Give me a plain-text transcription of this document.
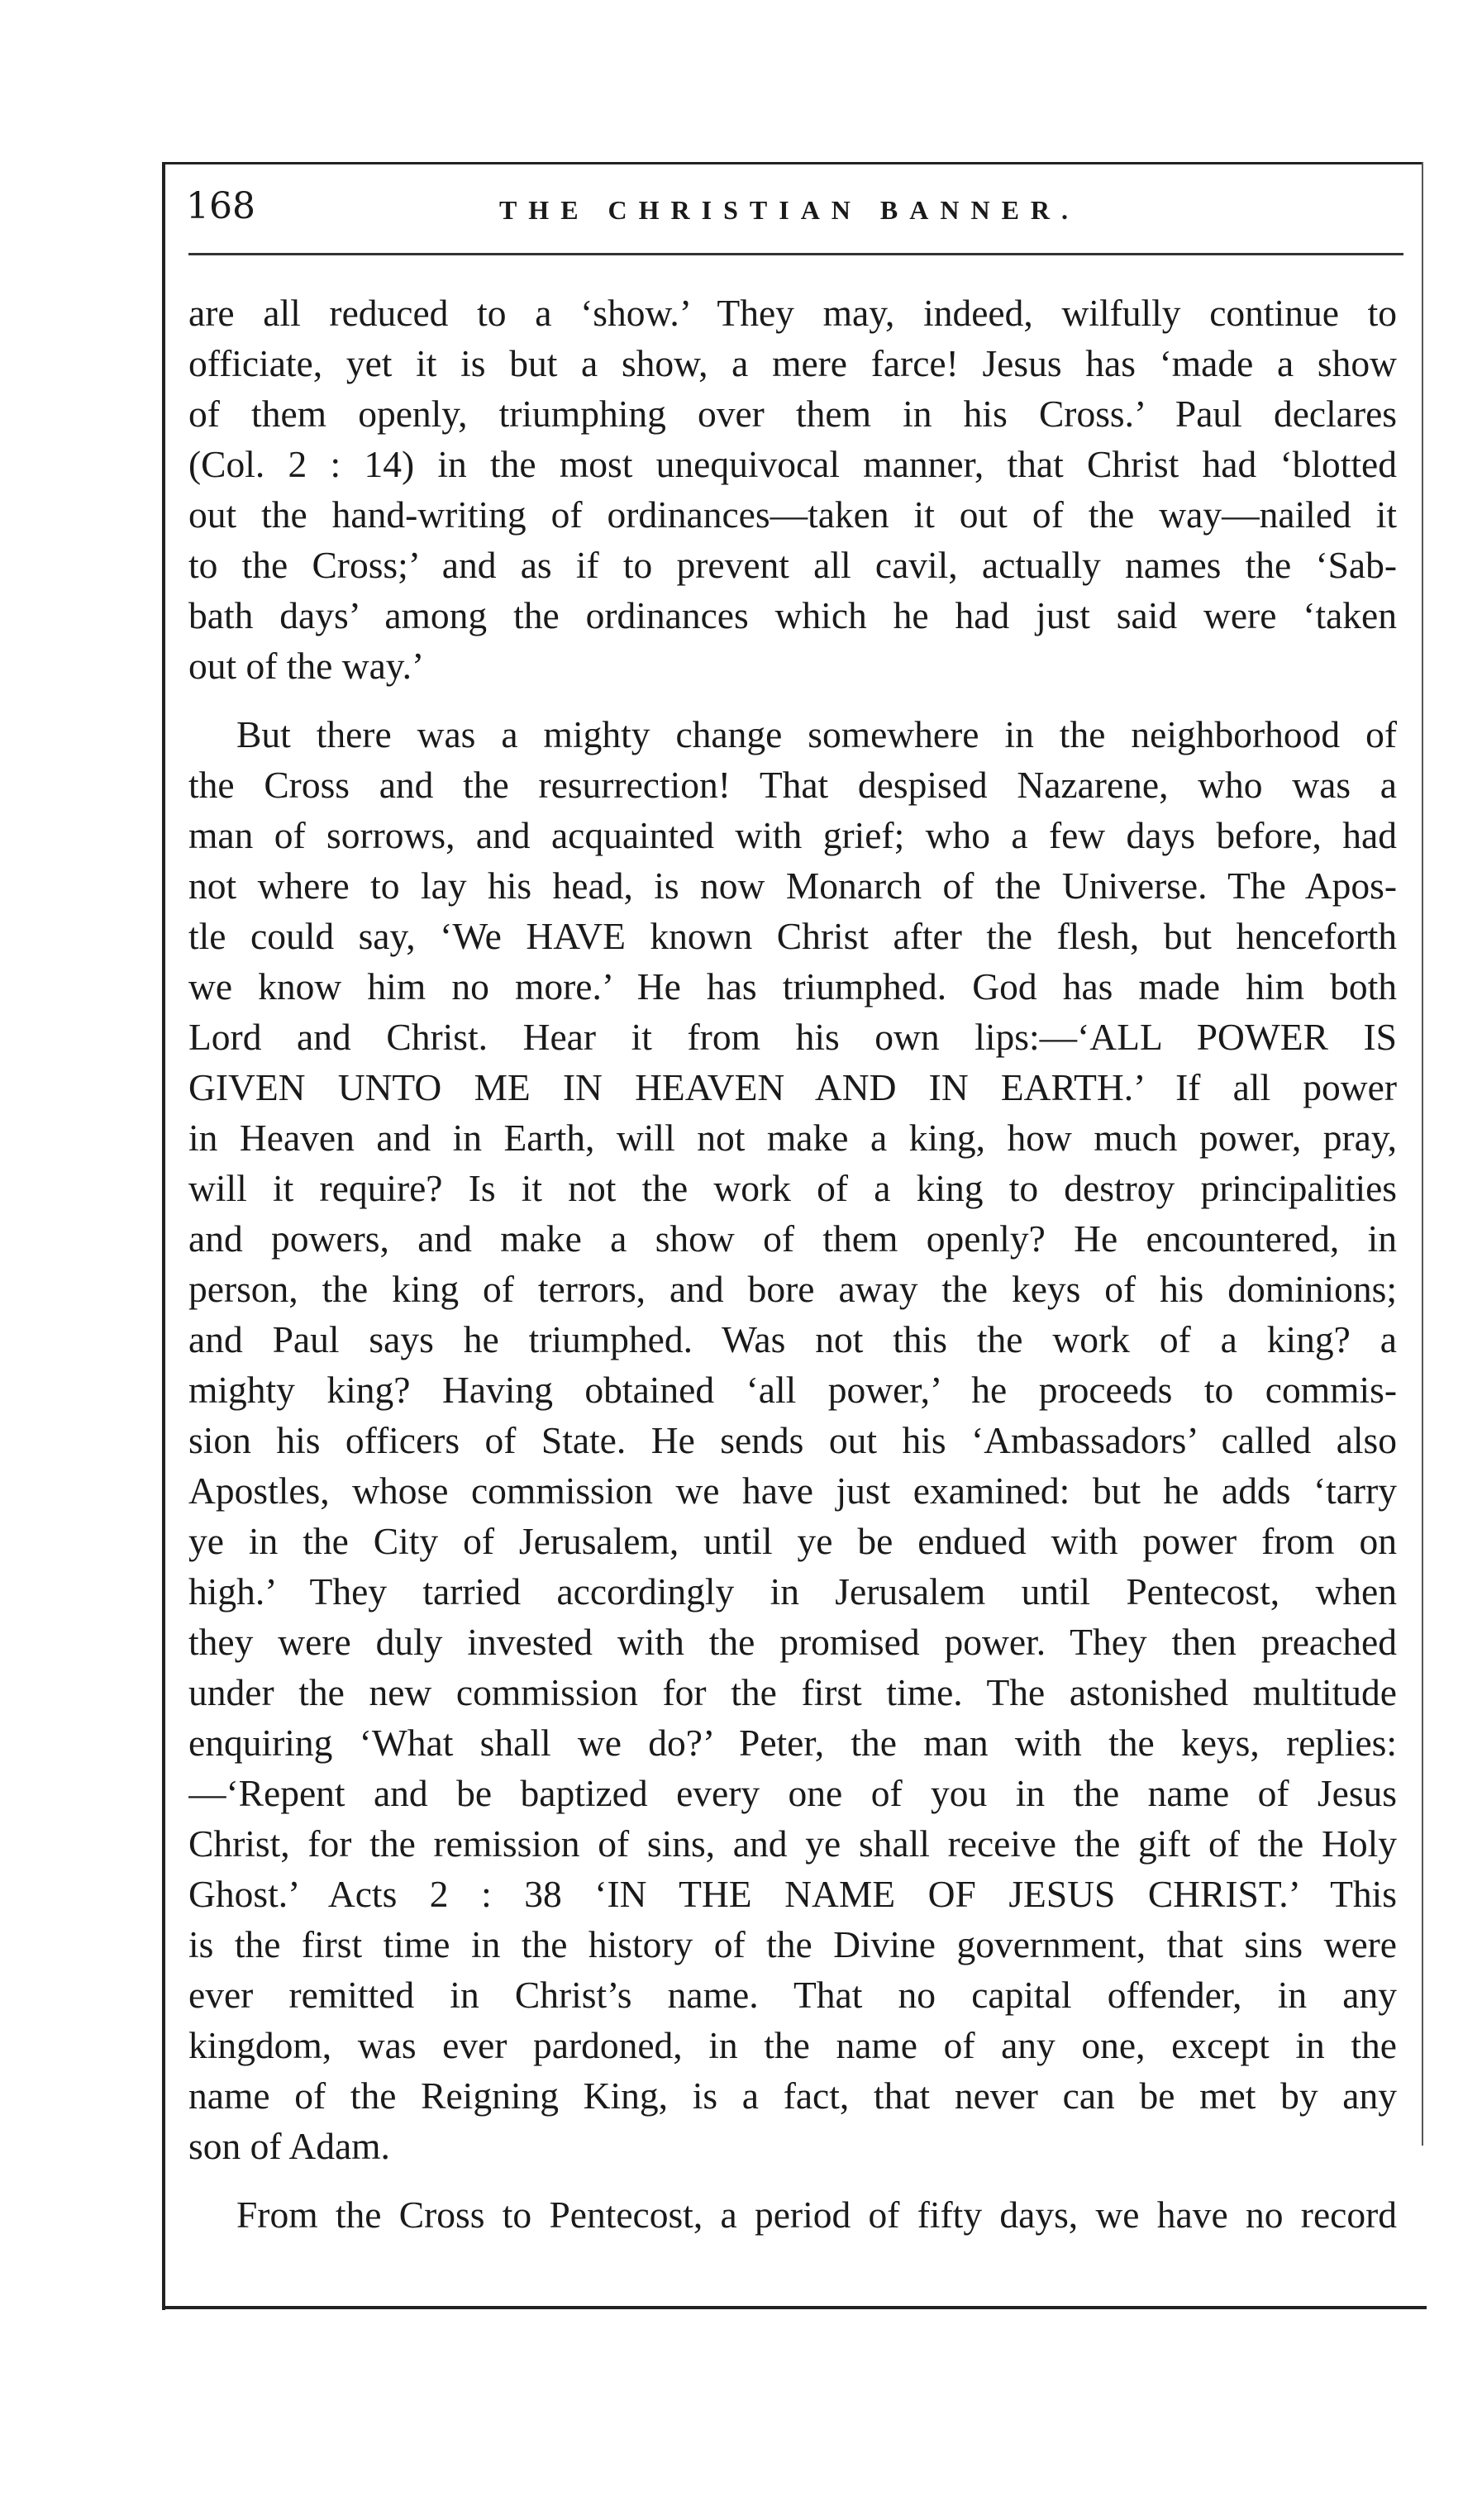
168	THE CHRISTIAN BANNER.
are all reduced to a ‘show.’ They may, indeed, wilfully continue to
officiate, yet it is but a show, a mere farce! Jesus has ‘made a show
of them openly, triumphing over them in his Cross.’ Paul declares
(Col. 2 : 14) in the most unequivocal manner, that Christ had ‘blotted
out the hand-writing of ordinances—taken it out of the way—nailed it
to the Cross;’ and as if to prevent all cavil, actually names the ‘Sab-
bath days’ among the ordinances which he had just said were ‘taken
out of the way.’
But there was a mighty change somewhere in the neighborhood of
the Cross and the resurrection! That despised Nazarene, who was a
man of sorrows, and acquainted with grief; who a few days before, had
not where to lay his head, is now Monarch of the Universe. The Apos-
tle could say, ‘We HAVE known Christ after the flesh, but henceforth
we know him no more.’ He has triumphed. God has made him both
Lord and Christ. Hear it from his own lips:—‘ALL POWER IS
GIVEN UNTO ME IN HEAVEN AND IN EARTH.’ If all power
in Heaven and in Earth, will not make a king, how much power, pray,
will it require? Is it not the work of a king to destroy principalities
and powers, and make a show of them openly? He encountered, in
person, the king of terrors, and bore away the keys of his dominions;
and Paul says he triumphed. Was not this the work of a king? a
mighty king? Having obtained ‘all power,’ he proceeds to commis-
sion his officers of State. He sends out his ‘Ambassadors’ called also
Apostles, whose commission we have just examined: but he adds ‘tarry
ye in the City of Jerusalem, until ye be endued with power from on
high.’ They tarried accordingly in Jerusalem until Pentecost, when
they were duly invested with the promised power. They then preached
under the new commission for the first time. The astonished multitude
enquiring ‘What shall we do?’ Peter, the man with the keys, replies:
—‘Repent and be baptized every one of you in the name of Jesus
Christ, for the remission of sins, and ye shall receive the gift of the Holy
Ghost.’ Acts 2 : 38 ‘IN THE NAME OF JESUS CHRIST.’ This
is the first time in the history of the Divine government, that sins were
ever remitted in Christ’s name. That no capital offender, in any
kingdom, was ever pardoned, in the name of any one, except in the
name of the Reigning King, is a fact, that never can be met by any
son of Adam.
From the Cross to Pentecost, a period of fifty days, we have no record
